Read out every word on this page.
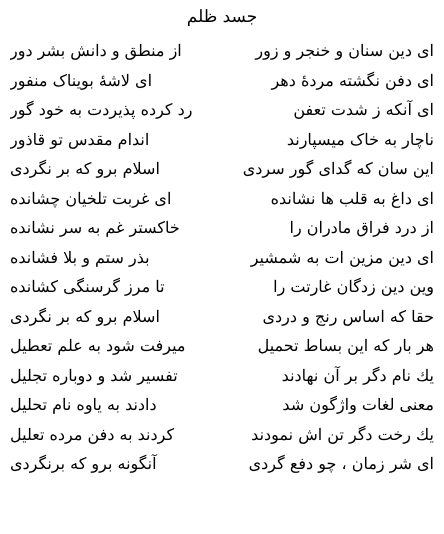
جسد ظلم
ای دین سنان و خنجر و زور
از منطق و دانش بشر دور
ای دفن نگشته مردهٔ دهر
ای لاشهٔ بویناک منفور
ای آنکه ز شدت تعفن
رد کرده پذیردت به خود گور
ناچار به خاک میسپارند
اندام مقدس تو قاذور
این سان که گدای گور سردی
اسلام برو که بر نگردی
ای داغ به قلب ها نشانده
ای غربت تلخیان چشانده
از درد فراق مادران را
خاکستر غم به سر نشانده
ای دین مزین ات به شمشیر
بذر ستم و بلا فشانده
وین دین زدگان غارتت را
تا مرز گرسنگی کشانده
حقا که اساس رنج و دردی
اسلام برو که بر نگردی
هر بار که این بساط تحمیل
میرفت شود به علم تعطیل
یك نام دگر بر آن نهادند
تفسیر شد و دوباره تجلیل
معنی لغات واژگون شد
دادند به یاوه نام تحلیل
یك رخت دگر تن اش نمودند
کردند به دفن مرده تعلیل
ای شر زمان ، چو دفع گردی
آنگونه برو که برنگردی
